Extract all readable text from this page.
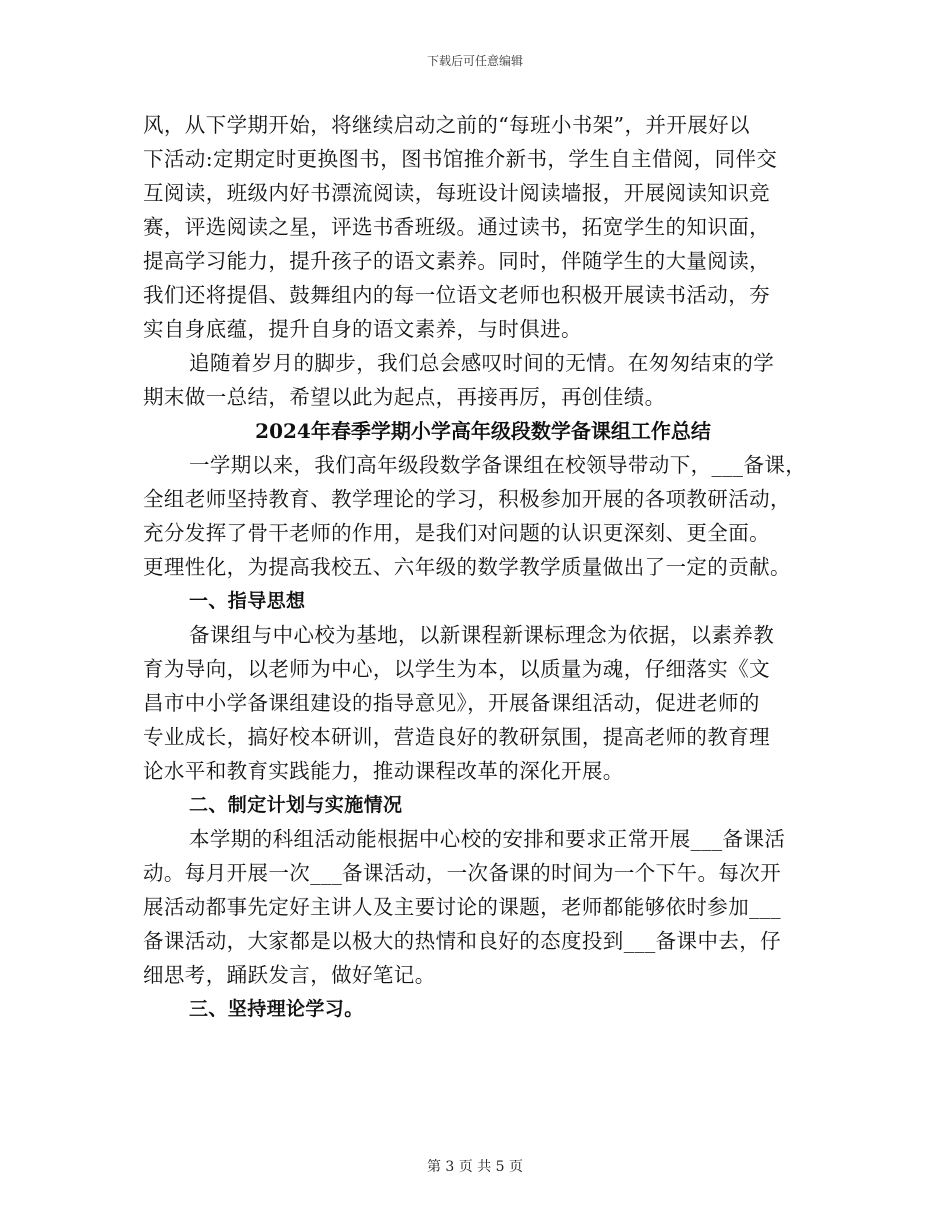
下载后可任意编辑
风，从下学期开始，将继续启动之前的“每班小书架”，并开展好以
下活动:定期定时更换图书，图书馆推介新书，学生自主借阅，同伴交
互阅读，班级内好书漂流阅读，每班设计阅读墙报，开展阅读知识竞
赛，评选阅读之星，评选书香班级。通过读书，拓宽学生的知识面，
提高学习能力，提升孩子的语文素养。同时，伴随学生的大量阅读，
我们还将提倡、鼓舞组内的每一位语文老师也积极开展读书活动，夯
实自身底蕴，提升自身的语文素养，与时俱进。
追随着岁月的脚步，我们总会感叹时间的无情。在匆匆结束的学
期末做一总结，希望以此为起点，再接再厉，再创佳绩。
2024年春季学期小学高年级段数学备课组工作总结
一学期以来，我们高年级段数学备课组在校领导带动下，___备课，
全组老师坚持教育、教学理论的学习，积极参加开展的各项教研活动，
充分发挥了骨干老师的作用，是我们对问题的认识更深刻、更全面。
更理性化，为提高我校五、六年级的数学教学质量做出了一定的贡献。
一、指导思想
备课组与中心校为基地，以新课程新课标理念为依据，以素养教
育为导向，以老师为中心，以学生为本，以质量为魂，仔细落实《文
昌市中小学备课组建设的指导意见》，开展备课组活动，促进老师的
专业成长，搞好校本研训，营造良好的教研氛围，提高老师的教育理
论水平和教育实践能力，推动课程改革的深化开展。
二、制定计划与实施情况
本学期的科组活动能根据中心校的安排和要求正常开展___备课活
动。每月开展一次___备课活动，一次备课的时间为一个下午。每次开
展活动都事先定好主讲人及主要讨论的课题，老师都能够依时参加___
备课活动，大家都是以极大的热情和良好的态度投到___备课中去，仔
细思考，踊跃发言，做好笔记。
三、坚持理论学习。
第 3 页 共 5 页
